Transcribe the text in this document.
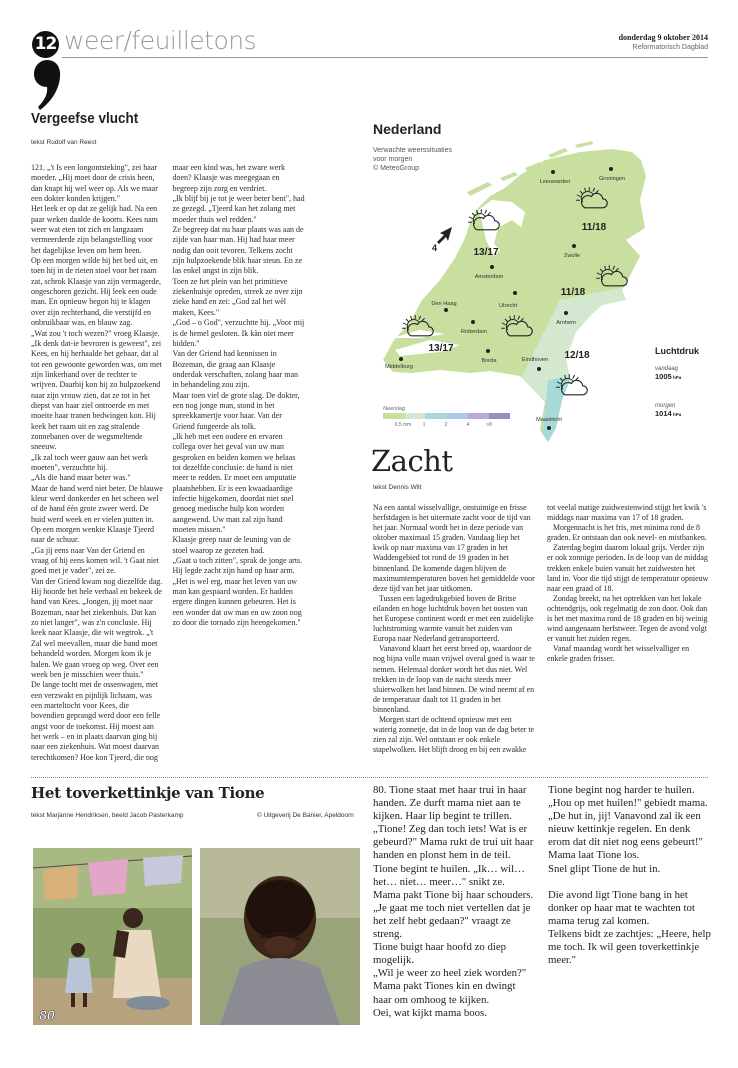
12 weer/feuilletons	donderdag 9 oktober 2014
Reformatorisch Dagblad
Vergeefse vlucht
tekst Rudolf van Reest

121. „'t Is een longontsteking", zei haar moeder. „Hij moet door de crisis heen, dan knapt hij wel weer op. Als we maar een dokter konden krijgen."

Het leek er op dat ze gelijk had. Na een paar weken daalde de koorts. Kees nam weer wat eten tot zich en langzaam vermeerderde zijn belangstelling voor het dagelijkse leven om hem heen.

Op een morgen wilde hij het bed uit, en toen hij in de rieten stoel voor het raam zat, schrok Klaasje van zijn vermagerde, ongeschoren gezicht. Hij leek een oude man. En opnieuw begon hij te klagen over zijn rechterhand, die verstijfd en onbruikbaar was, en blauw zag.

„Wat zou 't toch wezen?" vroeg Klaasje.

„Ik denk dat-ie bevroren is geweest", zei Kees, en hij herhaalde het gebaar, dat al tot een gewoonte geworden was, om met zijn linkerhand over de rechter te wrijven. Daarbij kon hij zo hulpzoekend naar zijn vrouw zien, dat ze tot in het diepst van haar ziel ontroerde en met moeite haar tranen bedwingen kon. Hij keek het raam uit en zag stralende zonnebanen over de wegsmeltende sneeuw.

„Ik zal toch weer gauw aan het werk moeten", verzuchtte hij.

„Als die hand maar beter was."

Maar de hand werd niet beter. De blauwe kleur werd donkerder en het scheen wel of de hand één grote zweer werd. De huid werd week en er vielen putten in.

Op een morgen wenkte Klaasje Tjeerd naar de schuur.

„Ga jij eens naar Van der Griend en vraag of hij eens komen wil. 't Gaat niet goed met je vader", zei ze.

Van der Griend kwam nog diezelfde dag. Hij hoorde het hele verhaal en bekeek de hand van Kees. „Jongen, jij moet naar Bozeman, naar het ziekenhuis. Dat kan zo niet langer", was z'n conclusie. Hij keek naar Klaasje, die wit wegtrok. „'t Zal wel meevallen, maar die hand moet behandeld worden. Morgen kom ik je halen. We gaan vroeg op weg. Over een week ben je misschien weer thuis."

De lange tocht met de ossenwagen, met een verzwakt en pijnlijk lichaam, was een marteltocht voor Kees, die bovendien geprangd werd door een felle angst voor de toekomst. Hij moest aan het werk – en in plaats daarvan ging hij naar een ziekenhuis. Wat moest daarvan terechtkomen? Hoe kon Tjeerd, die nog maar een kind was, het zware werk doen? Klaasje was meegegaan en begreep zijn zorg en verdriet.

„Ik blijf bij je tot je weer beter bent", had ze gezegd. „Tjeerd kan het zolang met moeder thuis wel redden."

Ze begreep dat nu haar plaats was aan de zijde van haar man. Hij had haar meer nodig dan ooit tevoren. Telkens zocht zijn hulpzoekende blik haar steun. En ze las enkel angst in zijn blik.

Toen ze het plein van het primitieve ziekenhuisje opreden, streek ze over zijn zieke hand en zei: „God zal het wèl maken, Kees."

„God – o God", verzuchtte hij. „Voor mij is de hemel gesloten. Ik kàn niet meer bidden."

Van der Griend had kennissen in Bozeman, die graag aan Klaasje onderdak verschaften, zolang haar man in behandeling zou zijn.

Maar toen viel de grote slag. De dokter, een nog jonge man, stond in het spreekkamertje voor haar. Van der Griend fungeerde als tolk.

„Ik heb met een oudere en ervaren collega over het geval van uw man gesproken en beiden komen we helaas tot dezelfde conclusie: de hand is niet meer te redden. Er moet een amputatie plaatshebben. Er is een kwaadaardige infectie bijgekomen, doordat niet snel genoeg medische hulp kon worden aangewend. Uw man zal zijn hand moeten missen."

Klaasje greep naar de leuning van de stoel waarop ze gezeten had.

„Gaat u toch zitten", sprak de jonge arts. Hij legde zacht zijn hand op haar arm. „Het is wel erg, maar het leven van uw man kan gespaard worden. Er hadden ergere dingen kunnen gebeuren. Het is een wonder dat uw man en uw zoon nog zo door die tornado zijn heengekomen."

Nederland
Verwachte weerssituaties
voor morgen
© MeteoGroup
Leeuwarden	Groningen
Zwolle
Amsterdam
Utrecht
Den Haag
Rotterdam
Arnhem
Breda	Eindhoven
Middelburg
Maastricht
13/17
11/18
11/18
13/17
12/18
4
Neerslag
0,5 mm 1	2	4	>8
Luchtdruk
vandaag
1005 hPa
morgen
1014 hPa
Zacht
tekst Dennis Wilt

Na een aantal wisselvallige, onstuimige en frisse herfstdagen is het uitermate zacht voor de tijd van het jaar. Normaal wordt het in deze periode van oktober maximaal 15 graden. Vandaag liep het kwik op naar maxima van 17 graden in het Waddengebied tot rond de 19 graden in het binnenland. De komende dagen blijven de maximumtemperaturen boven het gemiddelde voor deze tijd van het jaar uitkomen.

Tussen een lagedrukgebied boven de Britse eilanden en hoge luchtdruk boven het oosten van het Europese continent wordt er met een zuidelijke luchtstroming warmte vanuit het zuiden van Europa naar Nederland getransporteerd.

Vanavond klaart het eerst breed op, waardoor de nog bijna volle maan vrijwel overal goed is waar te nemen. Helemaal donker wordt het dus niet. Wel trekken in de loop van de nacht steeds meer sluierwolken het land binnen. De wind neemt af en de temperatuur daalt tot 11 graden in het binnenland.

Morgen start de ochtend opnieuw met een waterig zonnetje, dat in de loop van de dag beter te zien zal zijn. Wel ontstaan er ook enkele stapelwolken. Het blijft droog en bij een zwakke tot veelal matige zuidwestenwind stijgt het kwik 's middags naar maxima van 17 of 18 graden.

Morgennacht is het fris, met minima rond de 8 graden. Er ontstaan dan ook nevel- en mistbanken.

Zaterdag begint daarom lokaal grijs. Verder zijn er ook zonnige perioden. In de loop van de middag trekken enkele buien vanuit het zuidwesten het land in. Voor die tijd stijgt de temperatuur opnieuw naar een graad of 18.

Zondag breekt, na het optrekken van het lokale ochtendgrijs, ook regelmatig de zon door. Ook dan is het met maxima rond de 18 graden en bij weinig wind aangenaam herfstweer. Tegen de avond volgt er vanuit het zuiden regen.

Vanaf maandag wordt het wisselvalliger en enkele graden frisser.

Het toverkettinkje van Tione
tekst Marjanne Hendriksen, beeld Jacob Pasterkamp	© Uitgeverij De Banier, Apeldoorn
80

80. Tione staat met haar trui in haar handen. Ze durft mama niet aan te kijken. Haar lip begint te trillen.

„Tione! Zeg dan toch iets! Wat is er gebeurd?" Mama rukt de trui uit haar handen en plonst hem in de teil.

Tione begint te huilen. „Ik… wil… het… niet… meer…" snikt ze.

Mama pakt Tione bij haar schouders. „Je gaat me toch niet vertellen dat je het zelf hebt gedaan?" vraagt ze streng.

Tione buigt haar hoofd zo diep mogelijk.

„Wil je weer zo heel ziek worden?"

Mama pakt Tiones kin en dwingt haar om omhoog te kijken.

Oei, wat kijkt mama boos.

Tione begint nog harder te huilen.

„Hou op met huilen!" gebiedt mama. „De hut in, jij! Vanavond zal ik een nieuw kettinkje regelen. En denk erom dat dit niet nog eens gebeurt!"

Mama laat Tione los.

Snel glipt Tione de hut in.

Die avond ligt Tione bang in het donker op haar mat te wachten tot mama terug zal komen.

Telkens bidt ze zachtjes: „Heere, help me toch. Ik wil geen toverkettinkje meer."
